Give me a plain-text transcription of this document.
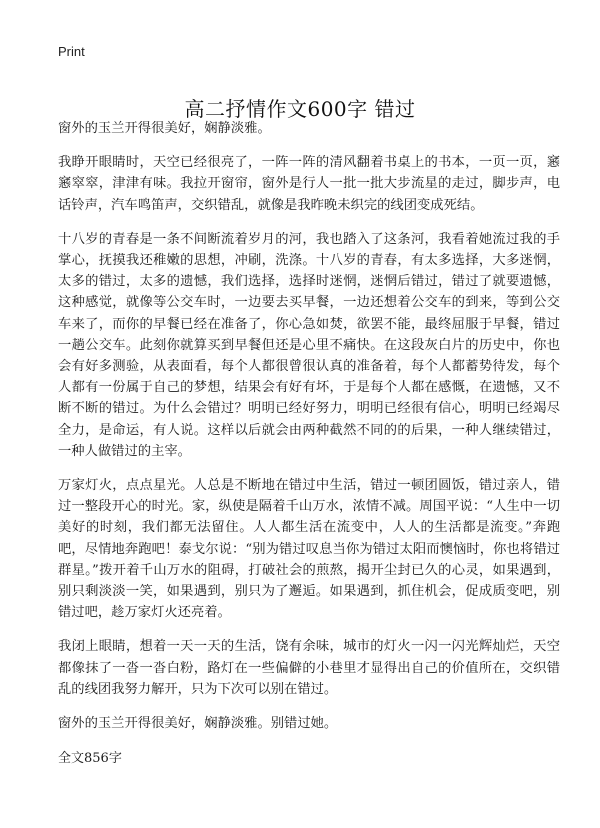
Print
高二抒情作文600字 错过

窗外的玉兰开得很美好，娴静淡雅。

我睁开眼睛时，天空已经很亮了，一阵一阵的清风翻着书桌上的书本，一页一页，窸窸窣窣，津津有味。我拉开窗帘，窗外是行人一批一批大步流星的走过，脚步声，电话铃声，汽车鸣笛声，交织错乱，就像是我昨晚未织完的线团变成死结。

十八岁的青春是一条不间断流着岁月的河，我也踏入了这条河，我看着她流过我的手掌心，抚摸我还稚嫩的思想，冲刷，洗涤。十八岁的青春，有太多选择，大多迷惘，太多的错过，太多的遗憾，我们选择，选择时迷惘，迷惘后错过，错过了就要遗憾，这种感觉，就像等公交车时，一边要去买早餐，一边还想着公交车的到来，等到公交车来了，而你的早餐已经在准备了，你心急如焚，欲罢不能，最终屈服于早餐，错过一趟公交车。此刻你就算买到早餐但还是心里不痛快。在这段灰白片的历史中，你也会有好多测验，从表面看，每个人都很曾很认真的准备着，每个人都蓄势待发，每个人都有一份属于自己的梦想，结果会有好有坏，于是每个人都在感慨，在遗憾，又不断不断的错过。为什么会错过？明明已经好努力，明明已经很有信心，明明已经竭尽全力，是命运，有人说。这样以后就会由两种截然不同的的后果，一种人继续错过，一种人做错过的主宰。

万家灯火，点点星光。人总是不断地在错过中生活，错过一顿团圆饭，错过亲人，错过一整段开心的时光。家，纵使是隔着千山万水，浓情不减。周国平说：“人生中一切美好的时刻，我们都无法留住。人人都生活在流变中，人人的生活都是流变。”奔跑吧，尽情地奔跑吧！泰戈尔说：“别为错过叹息当你为错过太阳而懊恼时，你也将错过群星。”拨开着千山万水的阻碍，打破社会的煎熬，揭开尘封已久的心灵，如果遇到，别只剩淡淡一笑，如果遇到，别只为了邂逅。如果遇到，抓住机会，促成质变吧，别错过吧，趁万家灯火还亮着。

我闭上眼睛，想着一天一天的生活，饶有余味，城市的灯火一闪一闪光辉灿烂，天空都像抹了一沓一沓白粉，路灯在一些偏僻的小巷里才显得出自己的价值所在，交织错乱的线团我努力解开，只为下次可以别在错过。

窗外的玉兰开得很美好，娴静淡雅。别错过她。

全文856字
